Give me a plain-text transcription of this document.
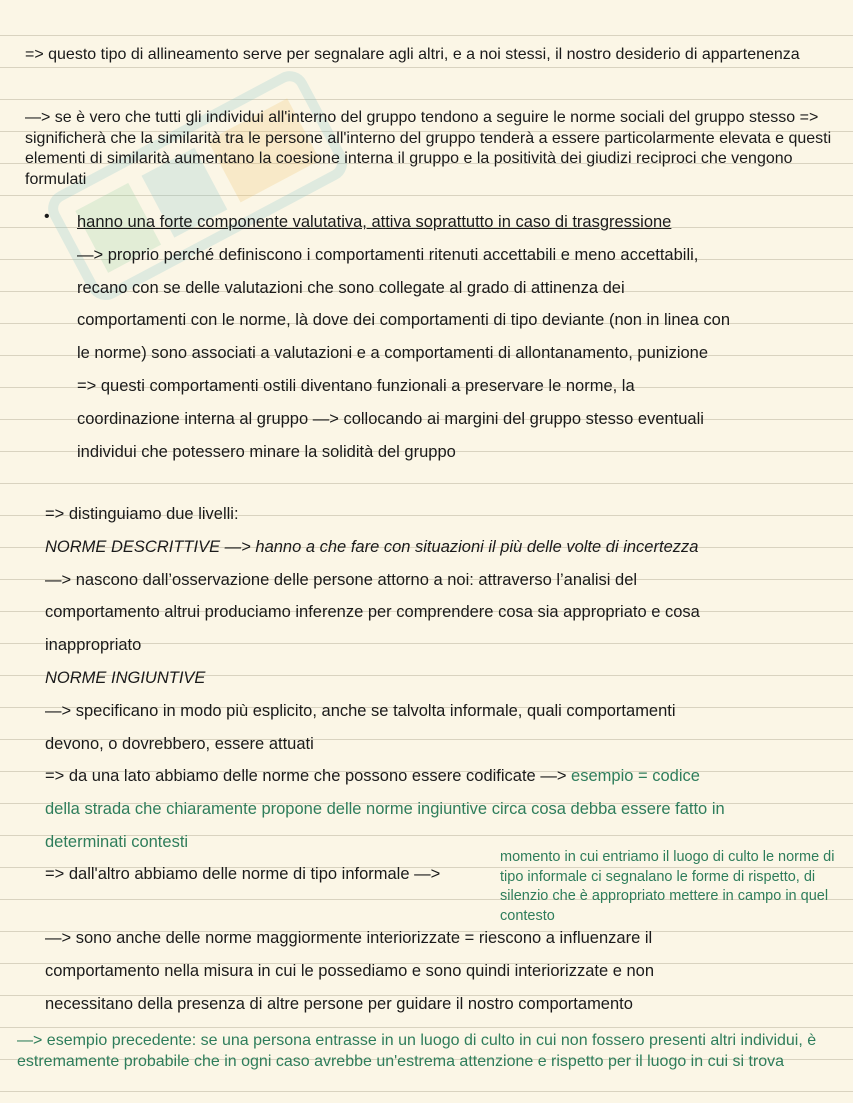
=> questo tipo di allineamento serve per segnalare agli altri, e a noi stessi, il nostro desiderio di appartenenza

—> se è vero che tutti gli individui all'interno del gruppo tendono a seguire le norme sociali del gruppo stesso => significherà che la similarità tra le persone all'interno del gruppo tenderà a essere particolarmente elevata e questi elementi di similarità aumentano la coesione interna il gruppo e la positività dei giudizi reciproci che vengono formulati

• hanno una forte componente valutativa, attiva soprattutto in caso di trasgressione
—> proprio perché definiscono i comportamenti ritenuti accettabili e meno accettabili,
recano con se delle valutazioni che sono collegate al grado di attinenza dei
comportamenti con le norme, là dove dei comportamenti di tipo deviante (non in linea con
le norme) sono associati a valutazioni e a comportamenti di allontanamento, punizione
=> questi comportamenti ostili diventano funzionali a preservare le norme, la
coordinazione interna al gruppo —> collocando ai margini del gruppo stesso eventuali
individui che potessero minare la solidità del gruppo
=> distinguiamo due livelli:
NORME DESCRITTIVE —> hanno a che fare con situazioni il più delle volte di incertezza
—> nascono dall’osservazione delle persone attorno a noi: attraverso l’analisi del
comportamento altrui produciamo inferenze per comprendere cosa sia appropriato e cosa
inappropriato
NORME INGIUNTIVE
—> specificano in modo più esplicito, anche se talvolta informale, quali comportamenti
devono, o dovrebbero, essere attuati
=> da una lato abbiamo delle norme che possono essere codificate —> esempio = codice
della strada che chiaramente propone delle norme ingiuntive circa cosa debba essere fatto in
determinati contesti
=> dall'altro abbiamo delle norme di tipo informale —>
momento in cui entriamo il luogo di culto le norme di tipo informale ci segnalano le forme di rispetto, di silenzio che è appropriato mettere in campo in quel contesto
—> sono anche delle norme maggiormente interiorizzate = riescono a influenzare il
comportamento nella misura in cui le possediamo e sono quindi interiorizzate e non
necessitano della presenza di altre persone per guidare il nostro comportamento

—> esempio precedente: se una persona entrasse in un luogo di culto in cui non fossero presenti altri individui, è estremamente probabile che in ogni caso avrebbe un'estrema attenzione e rispetto per il luogo in cui si trova
